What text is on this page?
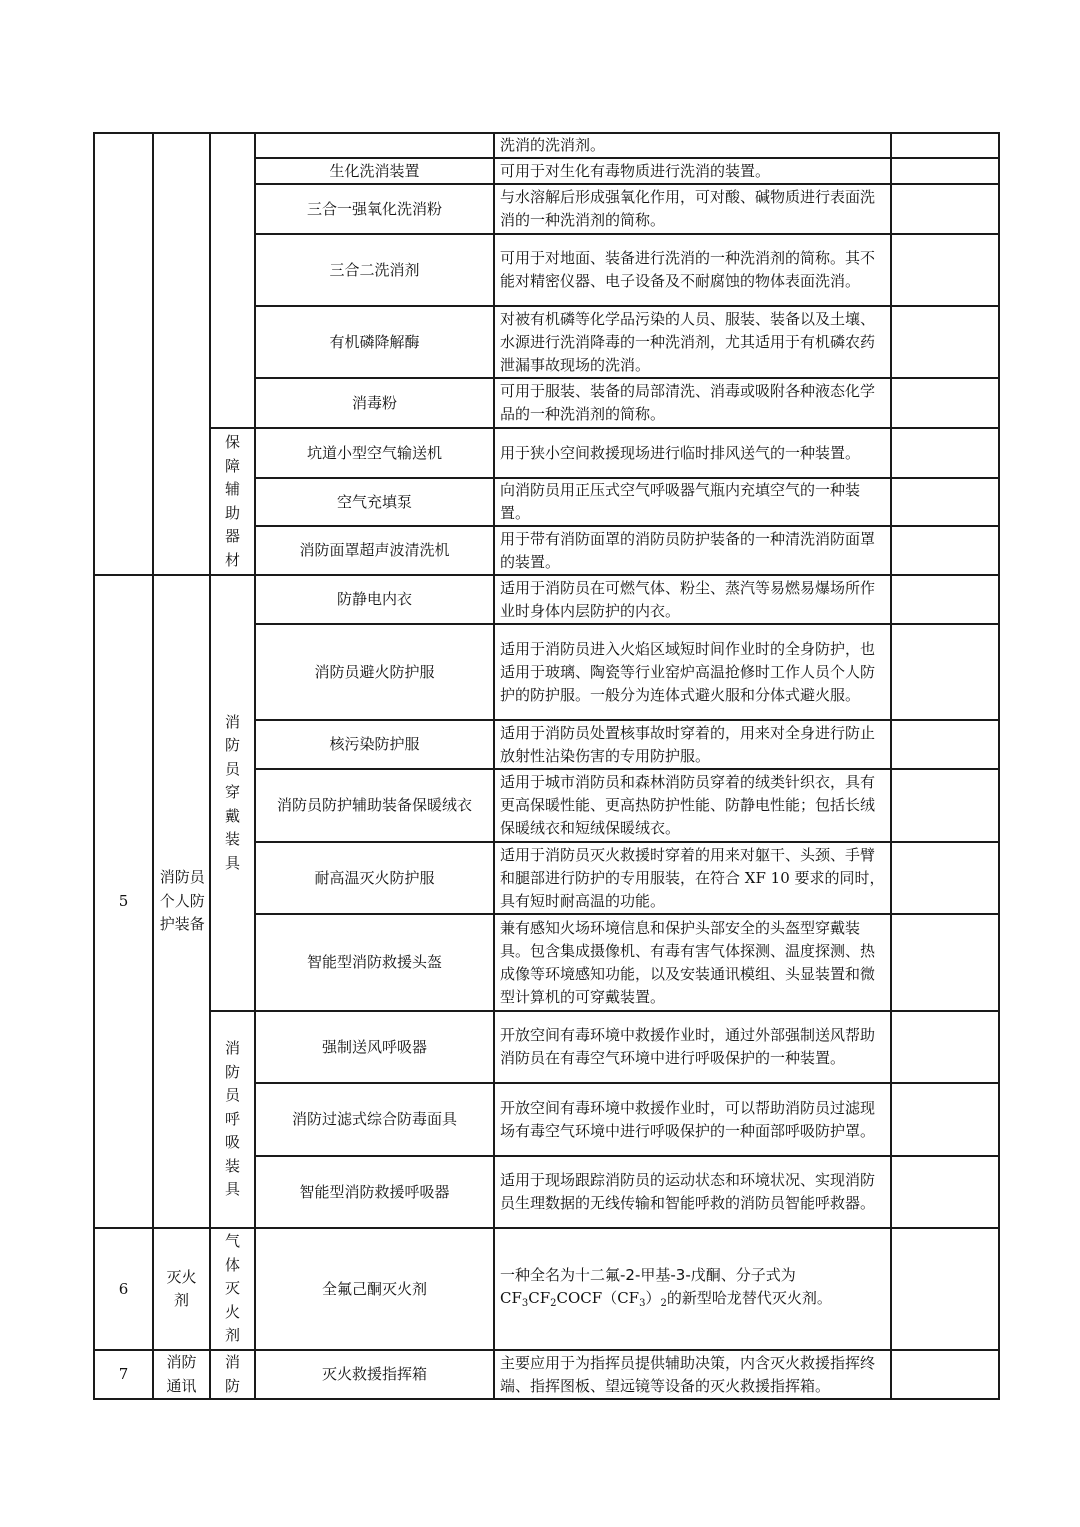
				洗消的洗消剂。	
			生化洗消装置	可用于对生化有毒物质进行洗消的装置。	
			三合一强氧化洗消粉	与水溶解后形成强氧化作用，可对酸、碱物质进行表面洗消的一种洗消剂的简称。	
			三合二洗消剂	可用于对地面、装备进行洗消的一种洗消剂的简称。其不能对精密仪器、电子设备及不耐腐蚀的物体表面洗消。	
			有机磷降解酶	对被有机磷等化学品污染的人员、服装、装备以及土壤、水源进行洗消降毒的一种洗消剂，尤其适用于有机磷农药泄漏事故现场的洗消。	
			消毒粉	可用于服装、装备的局部清洗、消毒或吸附各种液态化学品的一种洗消剂的简称。	
		保障辅助器材	坑道小型空气输送机	用于狭小空间救援现场进行临时排风送气的一种装置。	
			空气充填泵	向消防员用正压式空气呼吸器气瓶内充填空气的一种装置。	
			消防面罩超声波清洗机	用于带有消防面罩的消防员防护装备的一种清洗消防面罩的装置。	
5	消防员个人防护装备	消防员穿戴装具	防静电内衣	适用于消防员在可燃气体、粉尘、蒸汽等易燃易爆场所作业时身体内层防护的内衣。	
			消防员避火防护服	适用于消防员进入火焰区域短时间作业时的全身防护，也适用于玻璃、陶瓷等行业窑炉高温抢修时工作人员个人防护的防护服。一般分为连体式避火服和分体式避火服。	
			核污染防护服	适用于消防员处置核事故时穿着的，用来对全身进行防止放射性沾染伤害的专用防护服。	
			消防员防护辅助装备保暖绒衣	适用于城市消防员和森林消防员穿着的绒类针织衣，具有更高保暖性能、更高热防护性能、防静电性能；包括长绒保暖绒衣和短绒保暖绒衣。	
			耐高温灭火防护服	适用于消防员灭火救援时穿着的用来对躯干、头颈、手臂和腿部进行防护的专用服装，在符合 XF 10 要求的同时，具有短时耐高温的功能。	
			智能型消防救援头盔	兼有感知火场环境信息和保护头部安全的头盔型穿戴装具。包含集成摄像机、有毒有害气体探测、温度探测、热成像等环境感知功能，以及安装通讯模组、头显装置和微型计算机的可穿戴装置。	
		消防员呼吸装具	强制送风呼吸器	开放空间有毒环境中救援作业时，通过外部强制送风帮助消防员在有毒空气环境中进行呼吸保护的一种装置。	
			消防过滤式综合防毒面具	开放空间有毒环境中救援作业时，可以帮助消防员过滤现场有毒空气环境中进行呼吸保护的一种面部呼吸防护罩。	
			智能型消防救援呼吸器	适用于现场跟踪消防员的运动状态和环境状况、实现消防员生理数据的无线传输和智能呼救的消防员智能呼救器。	
6	灭火剂	气体灭火剂	全氟己酮灭火剂	一种全名为十二氟-2-甲基-3-戊酮、分子式为
$CF_3CF_2COCF(CF_3)_2$的新型哈龙替代灭火剂。	
7	消防通讯	消防	灭火救援指挥箱	主要应用于为指挥员提供辅助决策，内含灭火救援指挥终端、指挥图板、望远镜等设备的灭火救援指挥箱。	
